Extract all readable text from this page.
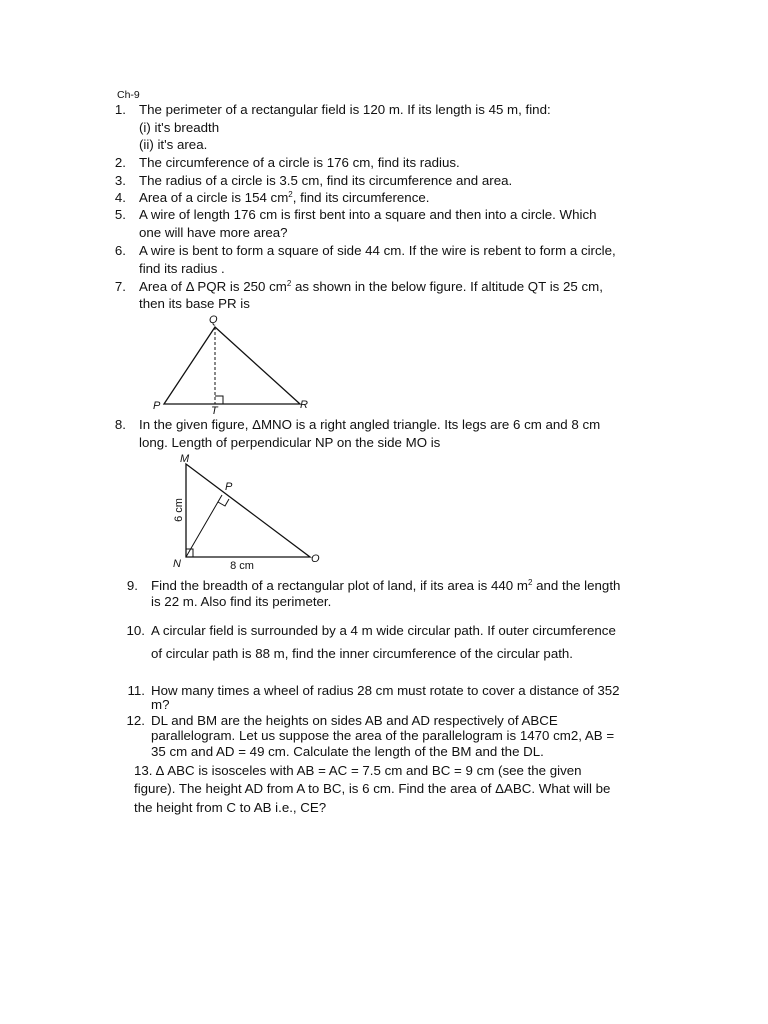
Ch-9
1. The perimeter of a rectangular field is 120 m. If its length is 45 m, find:
(i) it's breadth
(ii) it's area.
2. The circumference of a circle is 176 cm, find its radius.
3. The radius of a circle is 3.5 cm, find its circumference and area.
4. Area of a circle is 154 $cm^2$, find its circumference.
5. A wire of length 176 cm is first bent into a square and then into a circle. Which
one will have more area?
6. A wire is bent to form a square of side 44 cm. If the wire is rebent to form a circle,
find its radius .
7. Area of Δ PQR is 250 $cm^2$ as shown in the below figure. If altitude QT is 25 cm,
then its base PR is
Q
P	R
T
8. In the given figure, ΔMNO is a right angled triangle. Its legs are 6 cm and 8 cm
long. Length of perpendicular NP on the side MO is
M
P
N	O
6 cm
8 cm
9. Find the breadth of a rectangular plot of land, if its area is 440 $m^2$ and the length
is 22 m. Also find its perimeter.
10. A circular field is surrounded by a 4 m wide circular path. If outer circumference
of circular path is 88 m, find the inner circumference of the circular path.
11. How many times a wheel of radius 28 cm must rotate to cover a distance of 352
m?
12. DL and BM are the heights on sides AB and AD respectively of ABCE
parallelogram. Let us suppose the area of the parallelogram is 1470 cm2, AB =
35 cm and AD = 49 cm. Calculate the length of the BM and the DL.
13. Δ ABC is isosceles with AB = AC = 7.5 cm and BC = 9 cm (see the given
figure). The height AD from A to BC, is 6 cm. Find the area of ΔABC. What will be
the height from C to AB i.e., CE?
